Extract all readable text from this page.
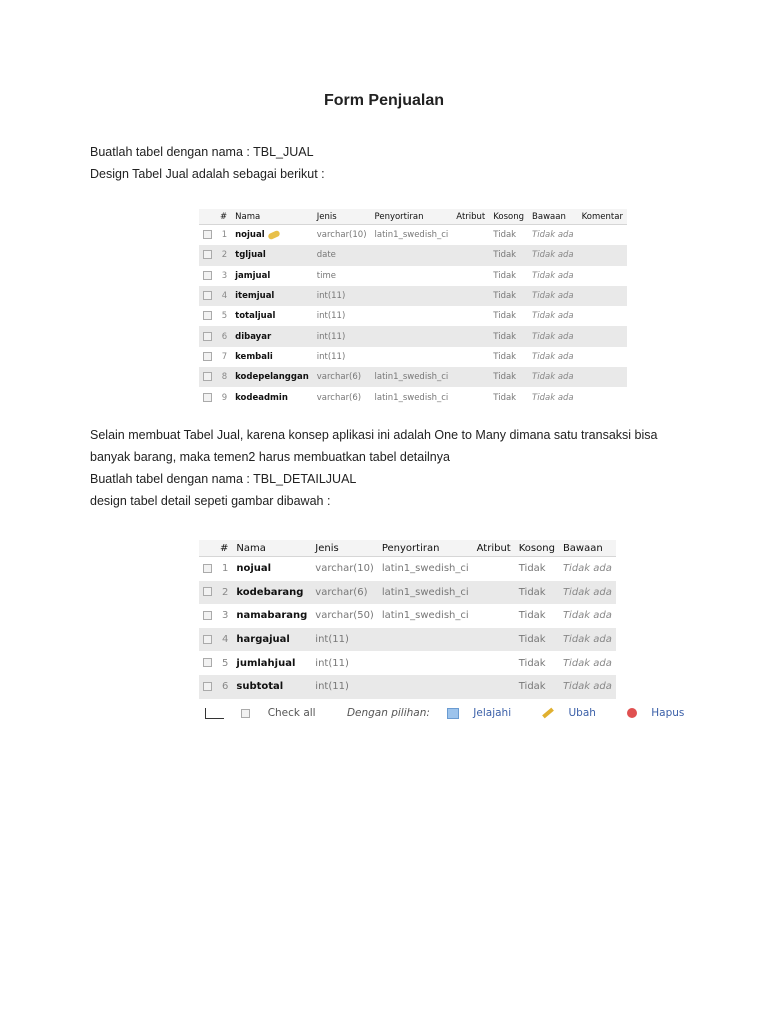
Form Penjualan
Buatlah tabel dengan nama : TBL_JUAL
Design Tabel Jual adalah sebagai berikut :
	#	Nama	Jenis	Penyortiran	Atribut	Kosong	Bawaan	Komentar
	1	nojual	varchar(10)	latin1_swedish_ci		Tidak	Tidak ada	
	2	tgljual	date			Tidak	Tidak ada	
	3	jamjual	time			Tidak	Tidak ada	
	4	itemjual	int(11)			Tidak	Tidak ada	
	5	totaljual	int(11)			Tidak	Tidak ada	
	6	dibayar	int(11)			Tidak	Tidak ada	
	7	kembali	int(11)			Tidak	Tidak ada	
	8	kodepelanggan	varchar(6)	latin1_swedish_ci		Tidak	Tidak ada	
	9	kodeadmin	varchar(6)	latin1_swedish_ci		Tidak	Tidak ada	
Selain membuat Tabel Jual, karena konsep aplikasi ini adalah One to Many dimana satu transaksi bisa
banyak barang, maka temen2 harus membuatkan tabel detailnya
Buatlah tabel dengan nama : TBL_DETAILJUAL
design tabel detail sepeti gambar dibawah :
	#	Nama	Jenis	Penyortiran	Atribut	Kosong	Bawaan
	1	nojual	varchar(10)	latin1_swedish_ci		Tidak	Tidak ada
	2	kodebarang	varchar(6)	latin1_swedish_ci		Tidak	Tidak ada
	3	namabarang	varchar(50)	latin1_swedish_ci		Tidak	Tidak ada
	4	hargajual	int(11)			Tidak	Tidak ada
	5	jumlahjual	int(11)			Tidak	Tidak ada
	6	subtotal	int(11)			Tidak	Tidak ada
Check all	Dengan pilihan:	Jelajahi	Ubah	Hapus
